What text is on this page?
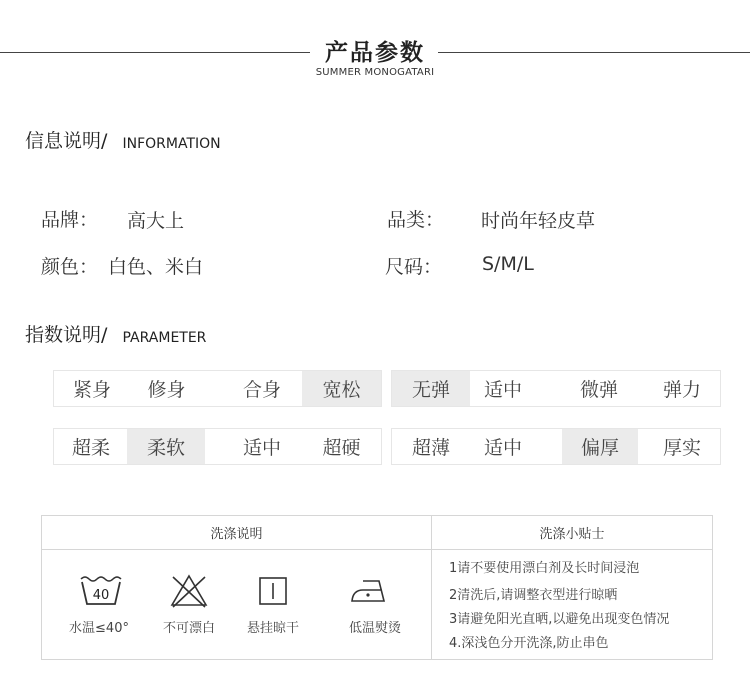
产品参数
SUMMER MONOGATARI
信息说明/ INFORMATION
品牌： 高大上	品类： 时尚年轻皮草
颜色： 白色、米白	尺码： S/M/L
指数说明/ PARAMETER
紧身	修身	合身	宽松	无弹	适中	微弹	弹力
超柔	柔软	适中	超硬	超薄	适中	偏厚	厚实
洗涤说明	洗涤小贴士
40
水温≤40°	不可漂白	悬挂晾干	低温熨烫
1请不要使用漂白剂及长时间浸泡
2清洗后,请调整衣型进行晾晒
3请避免阳光直晒,以避免出现变色情况
4.深浅色分开洗涤,防止串色
